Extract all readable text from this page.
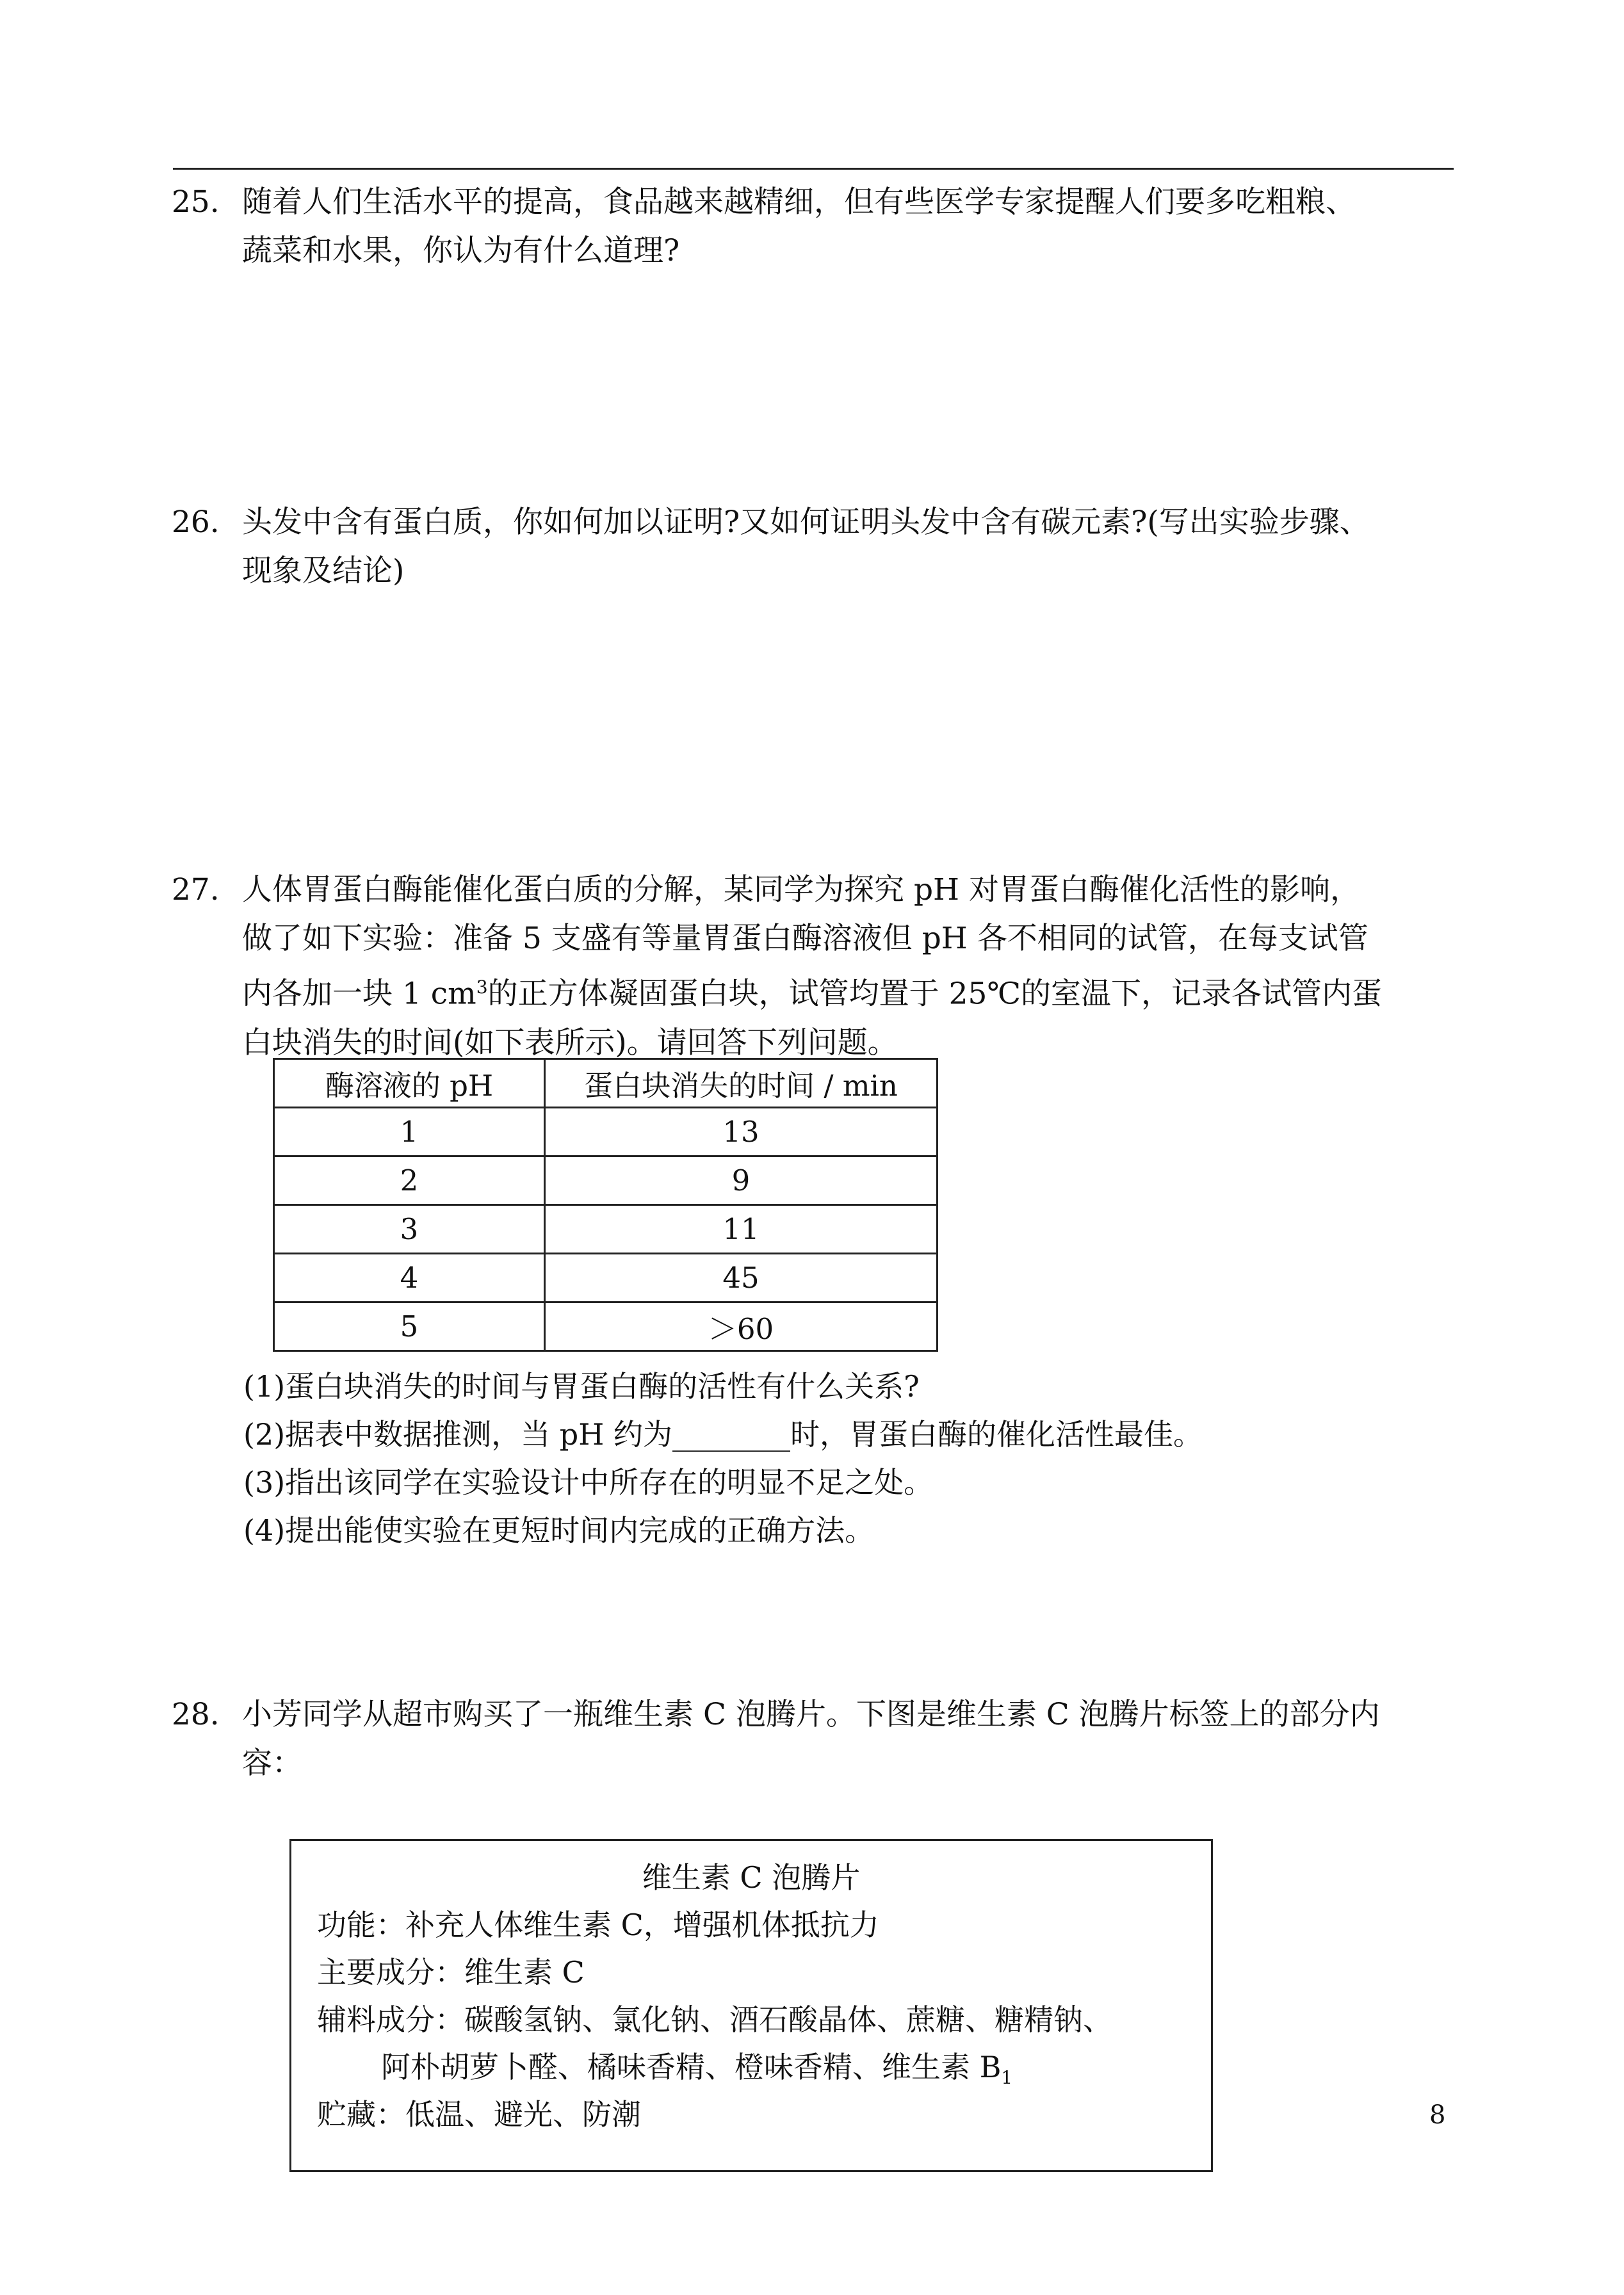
25. 随着人们生活水平的提高，食品越来越精细，但有些医学专家提醒人们要多吃粗粮、
蔬菜和水果，你认为有什么道理?
26. 头发中含有蛋白质，你如何加以证明?又如何证明头发中含有碳元素?(写出实验步骤、
现象及结论)
27. 人体胃蛋白酶能催化蛋白质的分解，某同学为探究 pH 对胃蛋白酶催化活性的影响，
做了如下实验：准备 5 支盛有等量胃蛋白酶溶液但 pH 各不相同的试管，在每支试管
内各加一块 1 $cm^3$的正方体凝固蛋白块，试管均置于 25℃的室温下，记录各试管内蛋
白块消失的时间(如下表所示)。请回答下列问题。
酶溶液的 pH	蛋白块消失的时间 / min
1	13
2	9
3	11
4	45
5	＞60
(1)蛋白块消失的时间与胃蛋白酶的活性有什么关系?
(2)据表中数据推测，当 pH 约为________时，胃蛋白酶的催化活性最佳。
(3)指出该同学在实验设计中所存在的明显不足之处。
(4)提出能使实验在更短时间内完成的正确方法。
28. 小芳同学从超市购买了一瓶维生素 C 泡腾片。下图是维生素 C 泡腾片标签上的部分内
容：
维生素 C 泡腾片
功能：补充人体维生素 C，增强机体抵抗力
主要成分：维生素 C
辅料成分：碳酸氢钠、氯化钠、酒石酸晶体、蔗糖、糖精钠、
阿朴胡萝卜醛、橘味香精、橙味香精、维生素 $B_1$
贮藏：低温、避光、防潮	8
